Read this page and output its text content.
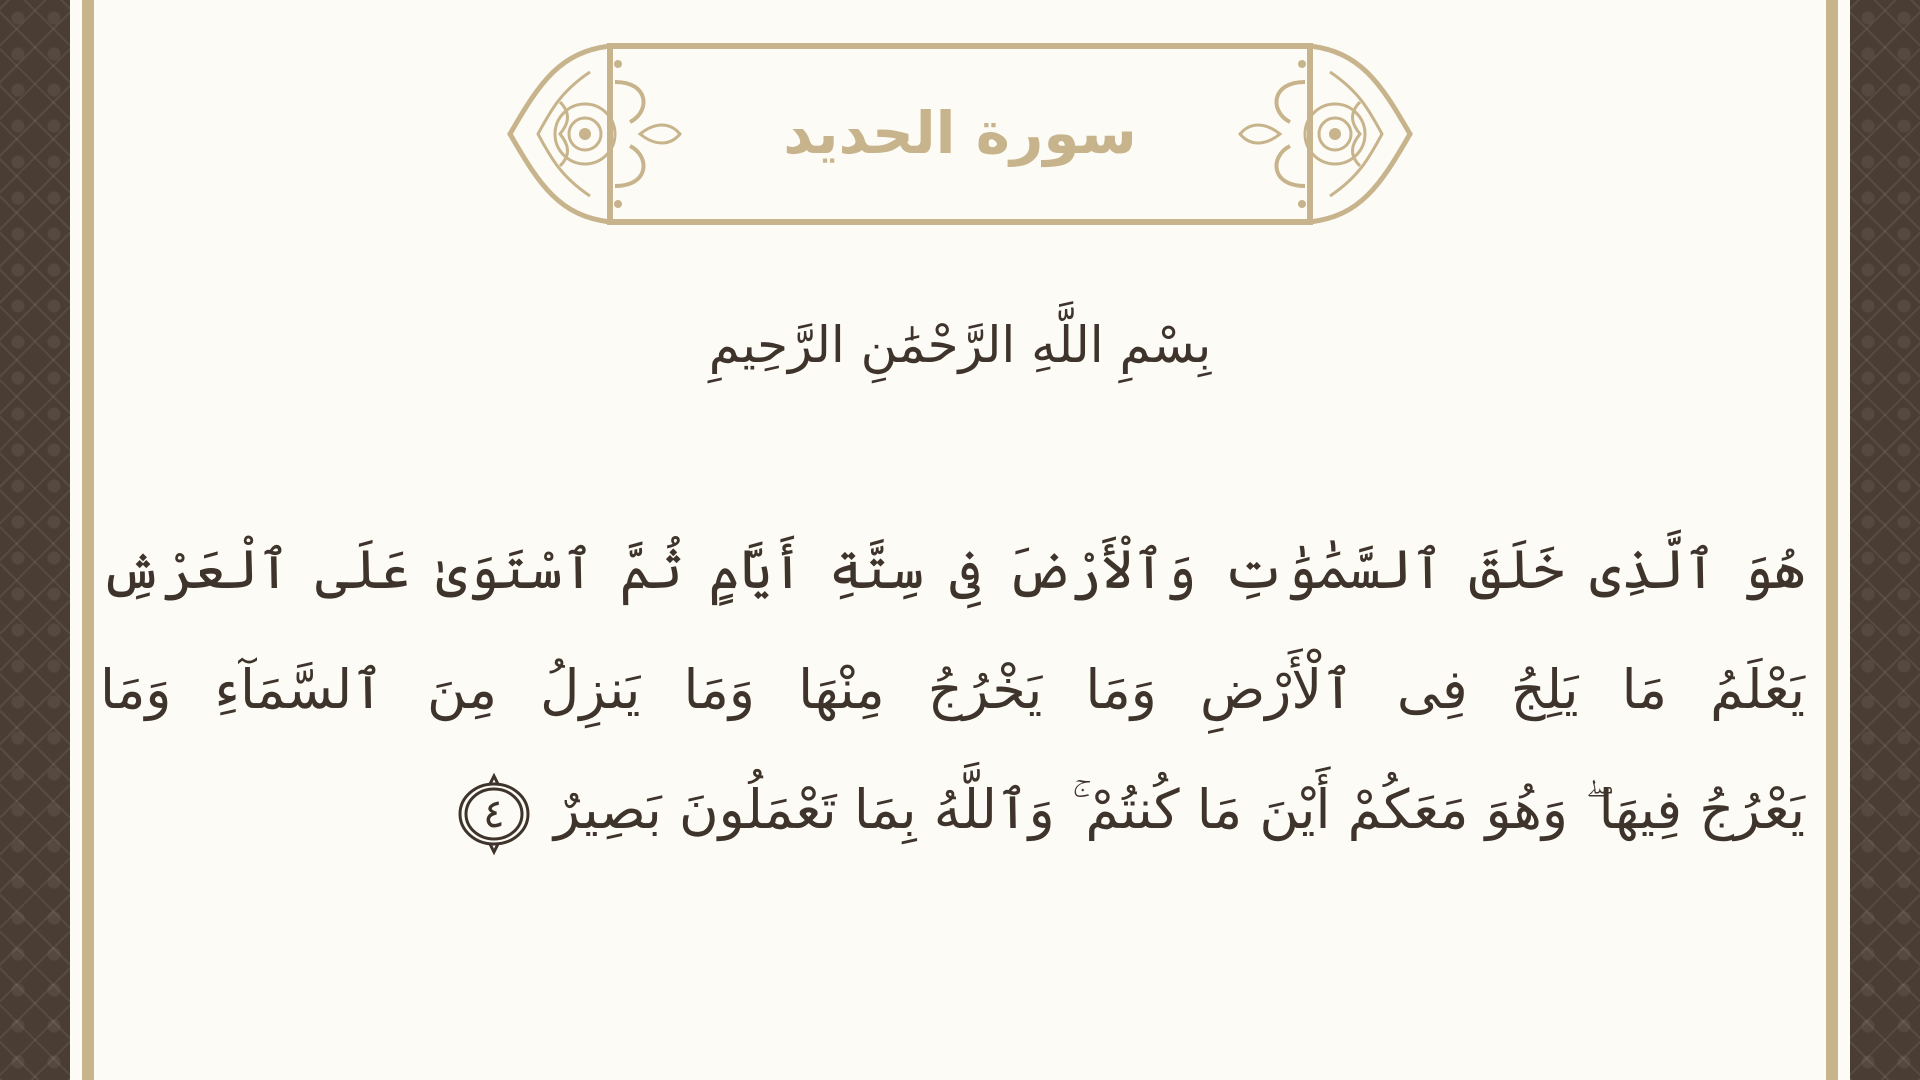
سورة الحديد
بِسْمِ اللَّهِ الرَّحْمَٰنِ الرَّحِيمِ
هُوَ ٱلَّذِى خَلَقَ ٱلسَّمَٰوَٰتِ وَٱلْأَرْضَ فِى سِتَّةِ أَيَّامٍ ثُمَّ ٱسْتَوَىٰ عَلَى ٱلْعَرْشِ
يَعْلَمُ مَا يَلِجُ فِى ٱلْأَرْضِ وَمَا يَخْرُجُ مِنْهَا وَمَا يَنزِلُ مِنَ ٱلسَّمَآءِ وَمَا
يَعْرُجُ فِيهَا ۖ وَهُوَ مَعَكُمْ أَيْنَ مَا كُنتُمْ ۚ وَٱللَّهُ بِمَا تَعْمَلُونَ بَصِيرٌ
٤
